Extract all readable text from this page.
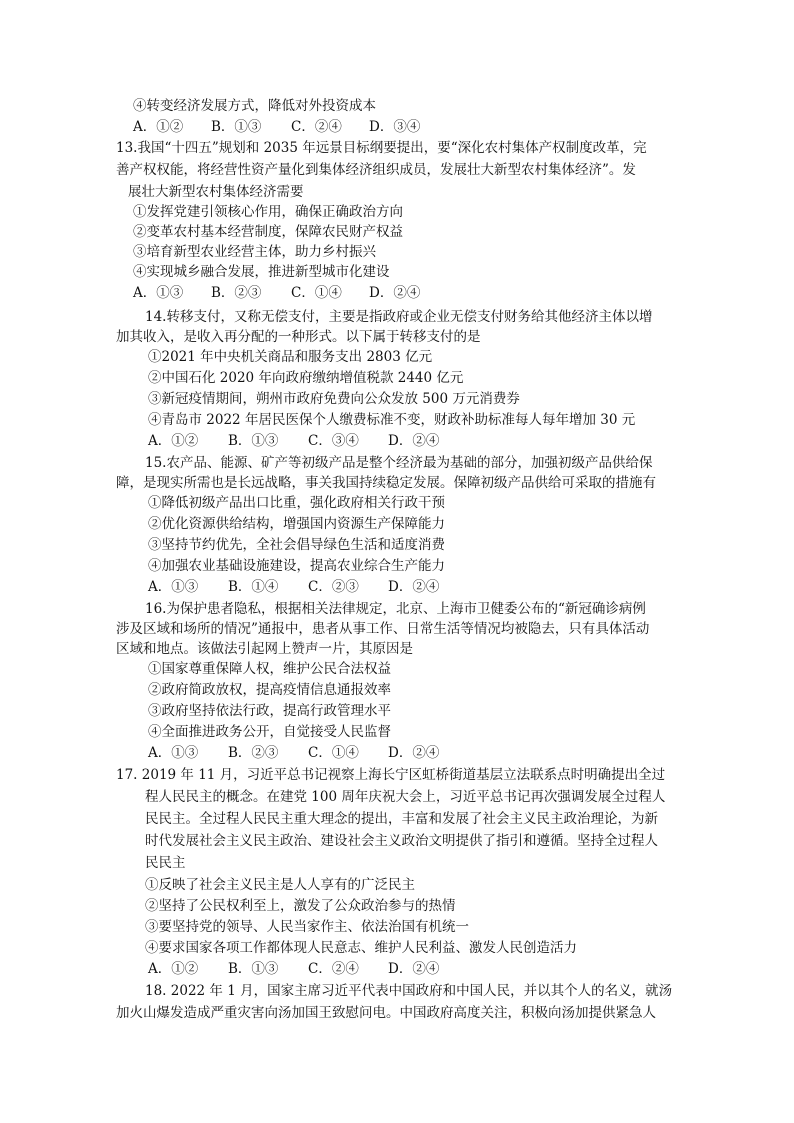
④转变经济发展方式，降低对外投资成本
A．①② B．①③ C．②④ D．③④
13.我国“十四五”规划和 2035 年远景目标纲要提出，要“深化农村集体产权制度改革，完
善产权权能，将经营性资产量化到集体经济组织成员，发展壮大新型农村集体经济”。发
展壮大新型农村集体经济需要
①发挥党建引领核心作用，确保正确政治方向
②变革农村基本经营制度，保障农民财产权益
③培育新型农业经营主体，助力乡村振兴
④实现城乡融合发展，推进新型城市化建设
A．①③ B．②③ C．①④ D．②④
14.转移支付，又称无偿支付，主要是指政府或企业无偿支付财务给其他经济主体以增
加其收入，是收入再分配的一种形式。以下属于转移支付的是
①2021 年中央机关商品和服务支出 2803 亿元
②中国石化 2020 年向政府缴纳增值税款 2440 亿元
③新冠疫情期间，朔州市政府免费向公众发放 500 万元消费券
④青岛市 2022 年居民医保个人缴费标准不变，财政补助标准每人每年增加 30 元
A．①② B．①③ C．③④ D．②④
15.农产品、能源、矿产等初级产品是整个经济最为基础的部分，加强初级产品供给保
障，是现实所需也是长远战略，事关我国持续稳定发展。保障初级产品供给可采取的措施有
①降低初级产品出口比重，强化政府相关行政干预
②优化资源供给结构，增强国内资源生产保障能力
③坚持节约优先，全社会倡导绿色生活和适度消费
④加强农业基础设施建设，提高农业综合生产能力
A．①③ B．①④ C．②③ D．②④
16.为保护患者隐私，根据相关法律规定，北京、上海市卫健委公布的“新冠确诊病例
涉及区域和场所的情况”通报中，患者从事工作、日常生活等情况均被隐去，只有具体活动
区域和地点。该做法引起网上赞声一片，其原因是
①国家尊重保障人权，维护公民合法权益
②政府简政放权，提高疫情信息通报效率
③政府坚持依法行政，提高行政管理水平
④全面推进政务公开，自觉接受人民监督
A．①③ B．②③ C．①④ D．②④
17. 2019 年 11 月，习近平总书记视察上海长宁区虹桥街道基层立法联系点时明确提出全过
程人民民主的概念。在建党 100 周年庆祝大会上，习近平总书记再次强调发展全过程人
民民主。全过程人民民主重大理念的提出，丰富和发展了社会主义民主政治理论，为新
时代发展社会主义民主政治、建设社会主义政治文明提供了指引和遵循。坚持全过程人
民民主
①反映了社会主义民主是人人享有的广泛民主
②坚持了公民权利至上，激发了公众政治参与的热情
③要坚持党的领导、人民当家作主、依法治国有机统一
④要求国家各项工作都体现人民意志、维护人民利益、激发人民创造活力
A．①② B．①③ C．②④ D．②④
18. 2022 年 1 月，国家主席习近平代表中国政府和中国人民，并以其个人的名义，就汤
加火山爆发造成严重灾害向汤加国王致慰问电。中国政府高度关注，积极向汤加提供紧急人
